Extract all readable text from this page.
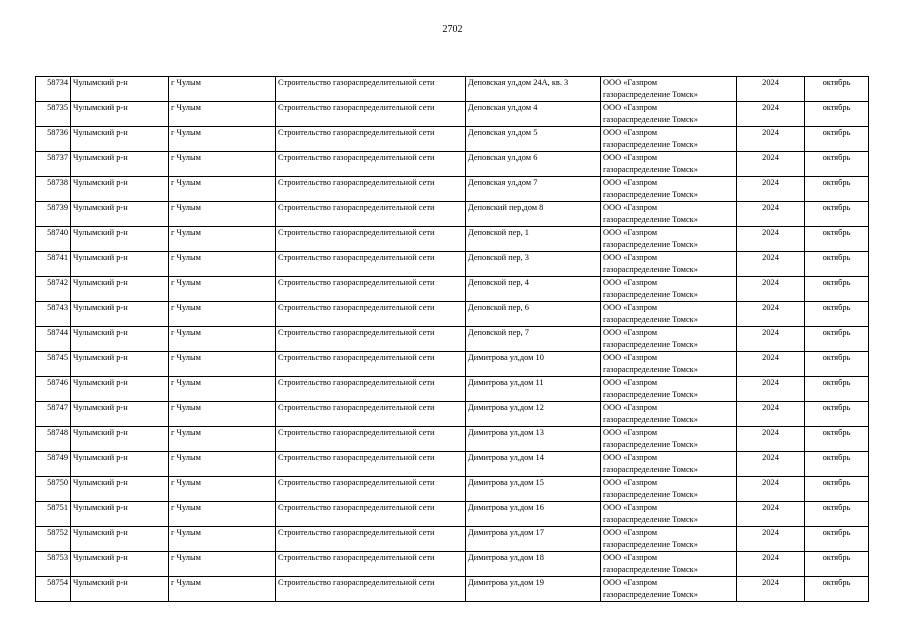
2702
58734	Чулымский р-н	г Чулым	Строительство газораспределительной сети	Деповская ул,дом 24А, кв. 3	ООО «Газпром
газораспределение Томск»	2024	октябрь
58735	Чулымский р-н	г Чулым	Строительство газораспределительной сети	Деповская ул,дом 4	ООО «Газпром
газораспределение Томск»	2024	октябрь
58736	Чулымский р-н	г Чулым	Строительство газораспределительной сети	Деповская ул,дом 5	ООО «Газпром
газораспределение Томск»	2024	октябрь
58737	Чулымский р-н	г Чулым	Строительство газораспределительной сети	Деповская ул,дом 6	ООО «Газпром
газораспределение Томск»	2024	октябрь
58738	Чулымский р-н	г Чулым	Строительство газораспределительной сети	Деповская ул,дом 7	ООО «Газпром
газораспределение Томск»	2024	октябрь
58739	Чулымский р-н	г Чулым	Строительство газораспределительной сети	Деповский пер,дом 8	ООО «Газпром
газораспределение Томск»	2024	октябрь
58740	Чулымский р-н	г Чулым	Строительство газораспределительной сети	Деповской пер, 1	ООО «Газпром
газораспределение Томск»	2024	октябрь
58741	Чулымский р-н	г Чулым	Строительство газораспределительной сети	Деповской пер, 3	ООО «Газпром
газораспределение Томск»	2024	октябрь
58742	Чулымский р-н	г Чулым	Строительство газораспределительной сети	Деповской пер, 4	ООО «Газпром
газораспределение Томск»	2024	октябрь
58743	Чулымский р-н	г Чулым	Строительство газораспределительной сети	Деповской пер, 6	ООО «Газпром
газораспределение Томск»	2024	октябрь
58744	Чулымский р-н	г Чулым	Строительство газораспределительной сети	Деповской пер, 7	ООО «Газпром
газораспределение Томск»	2024	октябрь
58745	Чулымский р-н	г Чулым	Строительство газораспределительной сети	Димитрова ул,дом 10	ООО «Газпром
газораспределение Томск»	2024	октябрь
58746	Чулымский р-н	г Чулым	Строительство газораспределительной сети	Димитрова ул,дом 11	ООО «Газпром
газораспределение Томск»	2024	октябрь
58747	Чулымский р-н	г Чулым	Строительство газораспределительной сети	Димитрова ул,дом 12	ООО «Газпром
газораспределение Томск»	2024	октябрь
58748	Чулымский р-н	г Чулым	Строительство газораспределительной сети	Димитрова ул,дом 13	ООО «Газпром
газораспределение Томск»	2024	октябрь
58749	Чулымский р-н	г Чулым	Строительство газораспределительной сети	Димитрова ул,дом 14	ООО «Газпром
газораспределение Томск»	2024	октябрь
58750	Чулымский р-н	г Чулым	Строительство газораспределительной сети	Димитрова ул,дом 15	ООО «Газпром
газораспределение Томск»	2024	октябрь
58751	Чулымский р-н	г Чулым	Строительство газораспределительной сети	Димитрова ул,дом 16	ООО «Газпром
газораспределение Томск»	2024	октябрь
58752	Чулымский р-н	г Чулым	Строительство газораспределительной сети	Димитрова ул,дом 17	ООО «Газпром
газораспределение Томск»	2024	октябрь
58753	Чулымский р-н	г Чулым	Строительство газораспределительной сети	Димитрова ул,дом 18	ООО «Газпром
газораспределение Томск»	2024	октябрь
58754	Чулымский р-н	г Чулым	Строительство газораспределительной сети	Димитрова ул,дом 19	ООО «Газпром
газораспределение Томск»	2024	октябрь
